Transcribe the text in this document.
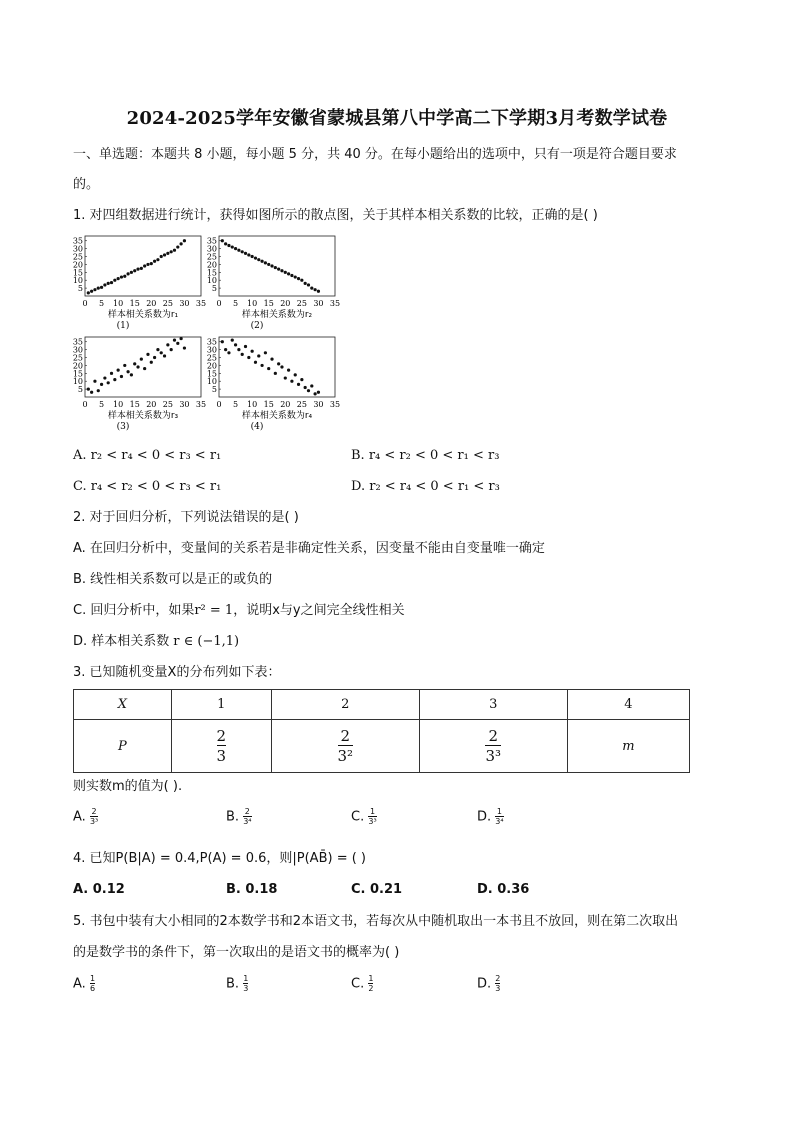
2024-2025学年安徽省蒙城县第八中学高二下学期3月考数学试卷
一、单选题：本题共 8 小题，每小题 5 分，共 40 分。在每小题给出的选项中，只有一项是符合题目要求
的。
1. 对四组数据进行统计，获得如图所示的散点图，关于其样本相关系数的比较，正确的是( )
35
30
25
20
15
10
5
0 5 10 15 20 25 30 35
样本相关系数为r₁
(1)
35
30
25
20
15
10
5
0 5 10 15 20 25 30 35
样本相关系数为r₂
(2)
35
30
25
20
15
10
5
0 5 10 15 20 25 30 35
样本相关系数为r₃
(3)
35
30
25
20
15
10
5
0 5 10 15 20 25 30 35
样本相关系数为r₄
(4)
A. r₂ < r₄ < 0 < r₃ < r₁	B. r₄ < r₂ < 0 < r₁ < r₃
C. r₄ < r₂ < 0 < r₃ < r₁	D. r₂ < r₄ < 0 < r₁ < r₃
2. 对于回归分析，下列说法错误的是( )
A. 在回归分析中，变量间的关系若是非确定性关系，因变量不能由自变量唯一确定
B. 线性相关系数可以是正的或负的
C. 回归分析中，如果r² = 1，说明x与y之间完全线性相关
D. 样本相关系数 r ∈ (−1,1)
3. 已知随机变量X的分布列如下表：
X	1	2	3	4
P	$\frac{2}{3}$	$\frac{2}{\text{3²}}$	$\frac{2}{\text{3³}}$	m
则实数m的值为( ).
A. $\frac{2}{\text{3³}}$	B. $\frac{2}{\text{3⁴}}$	C. $\frac{1}{\text{3³}}$	D. $\frac{1}{\text{3⁴}}$
4. 已知P(B|A) = 0.4,P(A) = 0.6，则|P(AB̄) = ( )
A. 0.12	B. 0.18	C. 0.21	D. 0.36
5. 书包中装有大小相同的2本数学书和2本语文书，若每次从中随机取出一本书且不放回，则在第二次取出
的是数学书的条件下，第一次取出的是语文书的概率为( )
A. $\frac{1}{6}$	B. $\frac{1}{3}$	C. $\frac{1}{2}$	D. $\frac{2}{3}$
